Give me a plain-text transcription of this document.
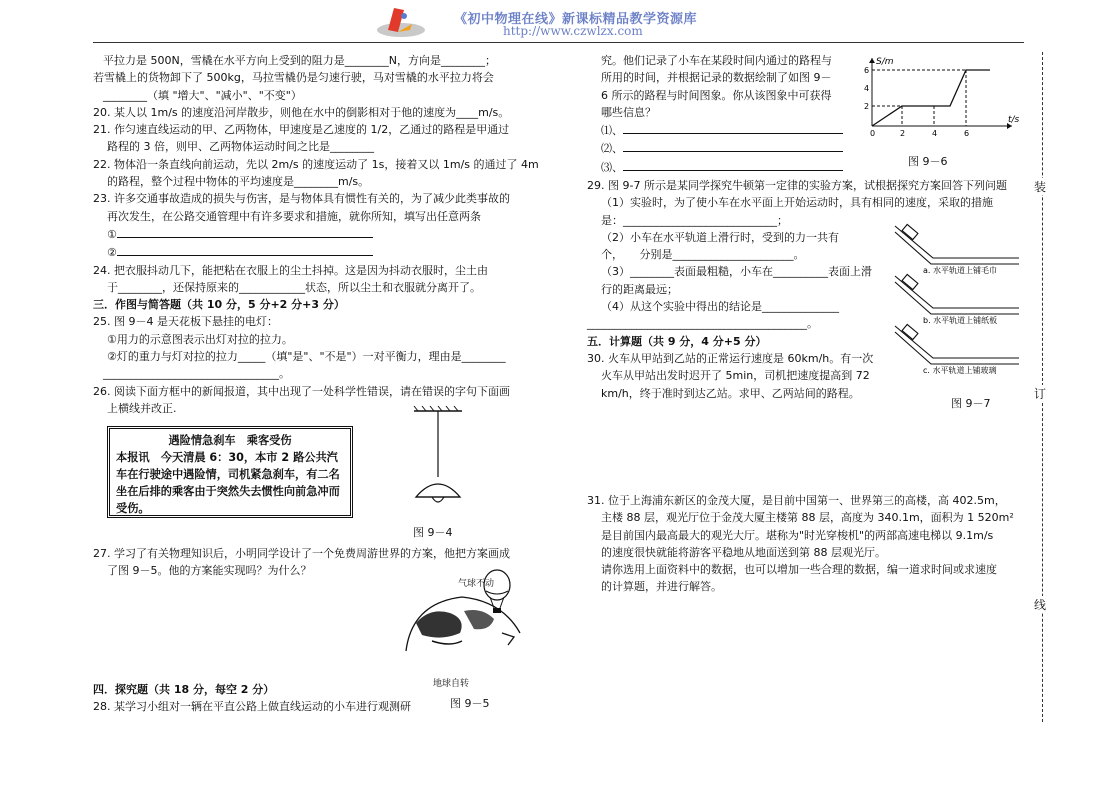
《初中物理在线》新课标精品教学资源库
http://www.czwlzx.com
平拉力是 500N，雪橇在水平方向上受到的阻力是________N，方向是________；
若雪橇上的货物卸下了 500kg，马拉雪橇仍是匀速行驶，马对雪橇的水平拉力将会
________（填 "增大"、"减小"、"不变"）
20. 某人以 1m/s 的速度沿河岸散步，则他在水中的倒影相对于他的速度为____m/s。
21. 作匀速直线运动的甲、乙两物体，甲速度是乙速度的 1/2，乙通过的路程是甲通过
路程的 3 倍，则甲、乙两物体运动时间之比是________
22. 物体沿一条直线向前运动，先以 2m/s 的速度运动了 1s，接着又以 1m/s 的通过了 4m
的路程，整个过程中物体的平均速度是________m/s。
23. 许多交通事故造成的损失与伤害，是与物体具有惯性有关的，为了减少此类事故的
再次发生，在公路交通管理中有许多要求和措施，就你所知，填写出任意两条
①
②
24. 把衣服抖动几下，能把粘在衣服上的尘土抖掉。这是因为抖动衣服时，尘土由
于________，还保持原来的____________状态，所以尘土和衣服就分离开了。
三．作图与简答题（共 10 分，5 分+2 分+3 分）
25. 图 9－4 是天花板下悬挂的电灯：
①用力的示意图表示出灯对拉的拉力。
②灯的重力与灯对拉的拉力_____（填"是"、"不是"）一对平衡力，理由是________
________________________________。
26. 阅读下面方框中的新闻报道，其中出现了一处科学性错误，请在错误的字句下面画
上横线并改正.
遇险情急刹车　乘客受伤
本报讯　今天清晨 6：30，本市 2 路公共汽车在行驶途中遇险情，司机紧急刹车，有二名坐在后排的乘客由于突然失去惯性向前急冲而受伤。
图 9－4
27. 学习了有关物理知识后，小明同学设计了一个免费周游世界的方案，他把方案画成
了图 9－5。他的方案能实现吗？为什么？
气球不动
地球自转
图 9－5
四．探究题（共 18 分，每空 2 分）
28. 某学习小组对一辆在平直公路上做直线运动的小车进行观测研
究。他们记录了小车在某段时间内通过的路程与
所用的时间，并根据记录的数据绘制了如图 9－
6 所示的路程与时间图象。你从该图象中可获得
哪些信息？
⑴、
⑵、
⑶、
S/m
t/s
6
4
2
0	2	4	6
图 9－6
29. 图 9-7 所示是某同学探究牛顿第一定律的实验方案，试根据探究方案回答下列问题
（1）实验时，为了使小车在水平面上开始运动时，具有相同的速度，采取的措施
是：____________________________；
（2）小车在水平轨道上滑行时，受到的力一共有
个，　　分别是______________________。
（3）________表面最粗糙，小车在__________表面上滑
行的距离最远；
（4）从这个实验中得出的结论是______________
________________________________________。
五．计算题（共 9 分，4 分+5 分）
30. 火车从甲站到乙站的正常运行速度是 60km/h。有一次
火车从甲站出发时迟开了 5min，司机把速度提高到 72
km/h，终于准时到达乙站。求甲、乙两站间的路程。
a. 水平轨道上铺毛巾
b. 水平轨道上铺纸板
c. 水平轨道上铺玻璃
图 9－7
31. 位于上海浦东新区的金茂大厦，是目前中国第一、世界第三的高楼，高 402.5m，
主楼 88 层，观光厅位于金茂大厦主楼第 88 层，高度为 340.1m，面积为 1 520m²
是目前国内最高最大的观光大厅。堪称为"时光穿梭机"的两部高速电梯以 9.1m/s
的速度很快就能将游客平稳地从地面送到第 88 层观光厅。
请你选用上面资料中的数据，也可以增加一些合理的数据，编一道求时间或求速度
的计算题，并进行解答。
装
订
线
